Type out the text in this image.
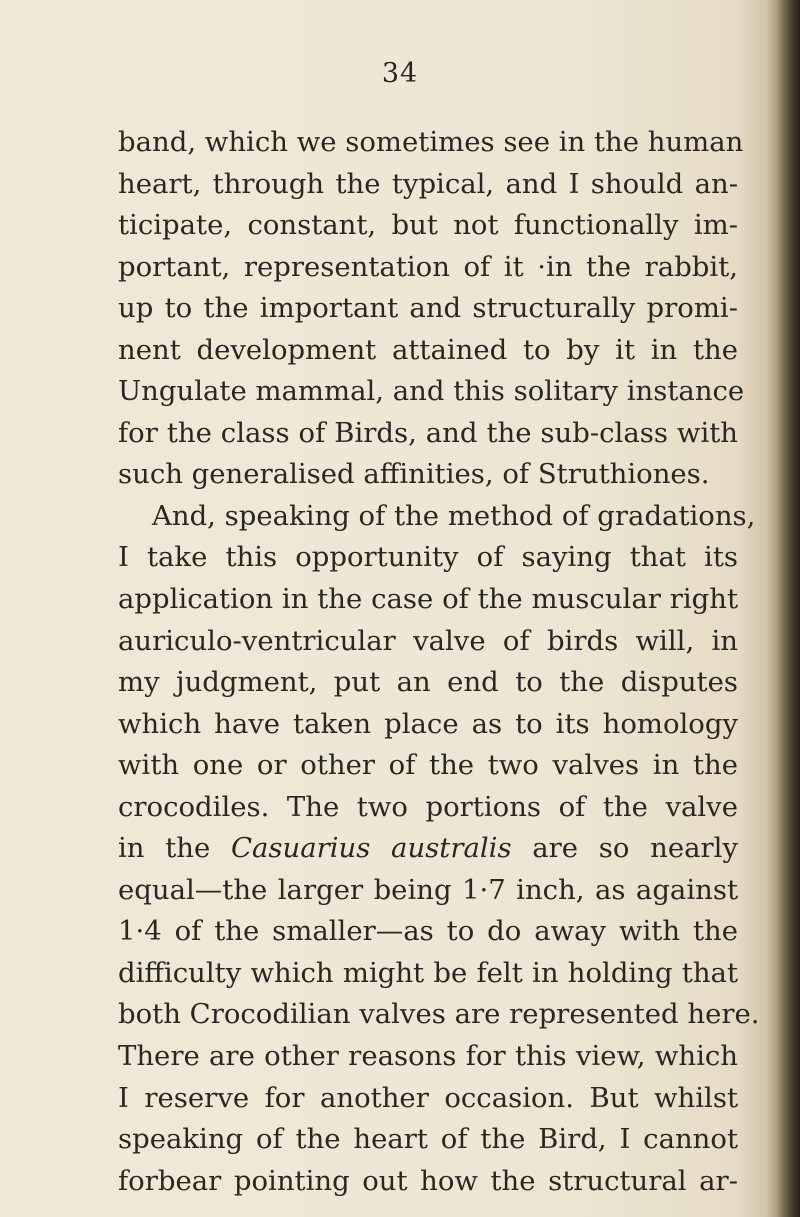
34
band, which we sometimes see in the human
heart, through the typical, and I should an-
ticipate, constant, but not functionally im-
portant, representation of it ·in the rabbit,
up to the important and structurally promi-
nent development attained to by it in the
Ungulate mammal, and this solitary instance
for the class of Birds, and the sub-class with
such generalised affinities, of Struthiones.
And, speaking of the method of gradations,
I take this opportunity of saying that its
application in the case of the muscular right
auriculo-ventricular valve of birds will, in
my judgment, put an end to the disputes
which have taken place as to its homology
with one or other of the two valves in the
crocodiles. The two portions of the valve
in the Casuarius australis are so nearly
equal—the larger being 1·7 inch, as against
1·4 of the smaller—as to do away with the
difficulty which might be felt in holding that
both Crocodilian valves are represented here.
There are other reasons for this view, which
I reserve for another occasion. But whilst
speaking of the heart of the Bird, I cannot
forbear pointing out how the structural ar-
